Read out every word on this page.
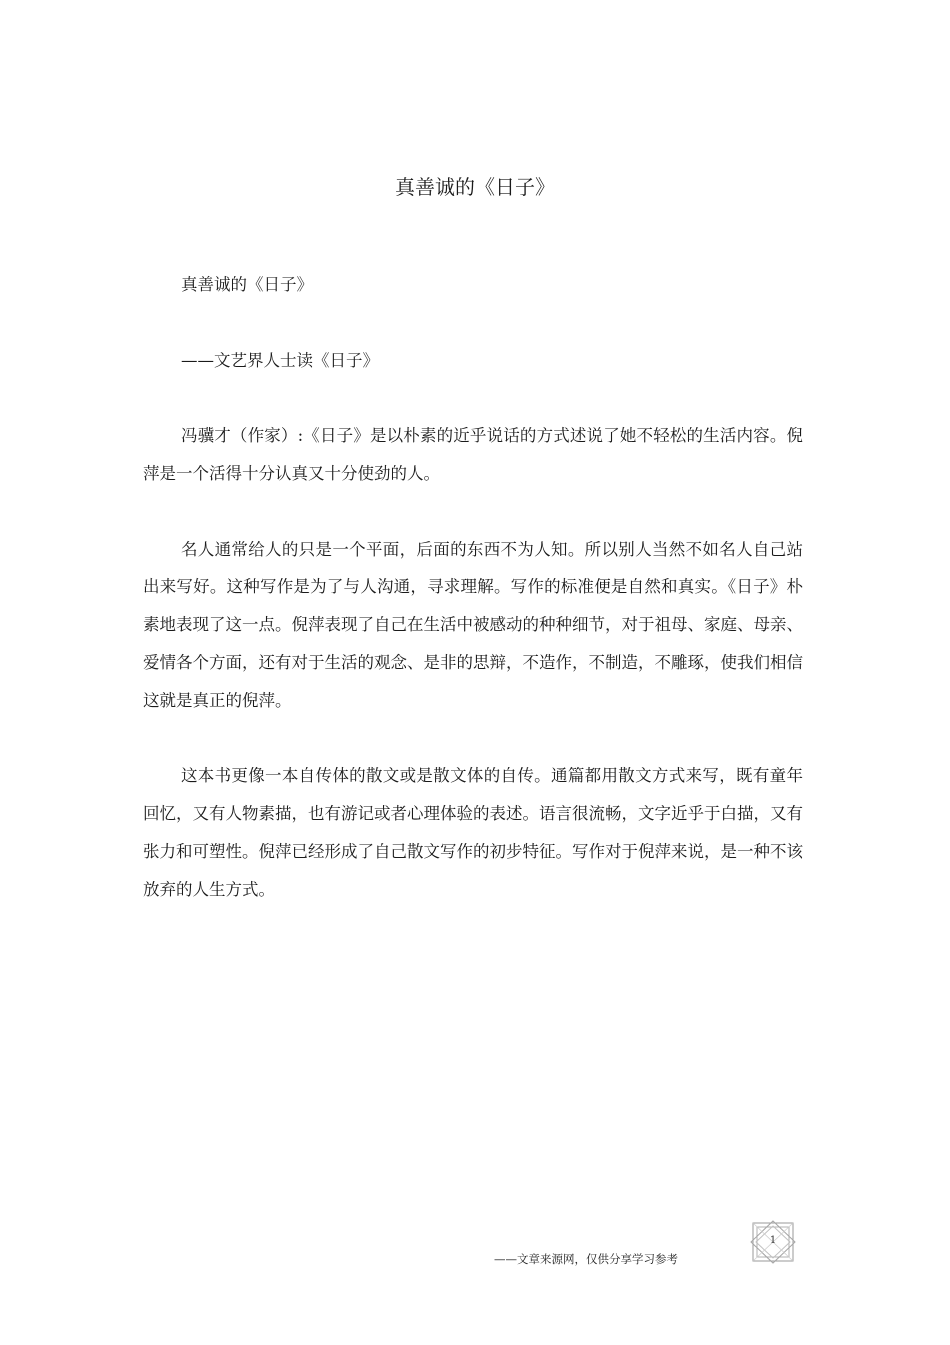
真善诚的《日子》

真善诚的《日子》

——文艺界人士读《日子》

冯骥才（作家）:《日子》是以朴素的近乎说话的方式述说了她不轻松的生活内容。倪萍是一个活得十分认真又十分使劲的人。

名人通常给人的只是一个平面，后面的东西不为人知。所以别人当然不如名人自己站出来写好。这种写作是为了与人沟通，寻求理解。写作的标准便是自然和真实。《日子》朴素地表现了这一点。倪萍表现了自己在生活中被感动的种种细节，对于祖母、家庭、母亲、爱情各个方面，还有对于生活的观念、是非的思辩，不造作，不制造，不雕琢，使我们相信这就是真正的倪萍。

这本书更像一本自传体的散文或是散文体的自传。通篇都用散文方式来写，既有童年回忆，又有人物素描，也有游记或者心理体验的表述。语言很流畅，文字近乎于白描，又有张力和可塑性。倪萍已经形成了自己散文写作的初步特征。写作对于倪萍来说，是一种不该放弃的人生方式。

——文章来源网，仅供分享学习参考
1
